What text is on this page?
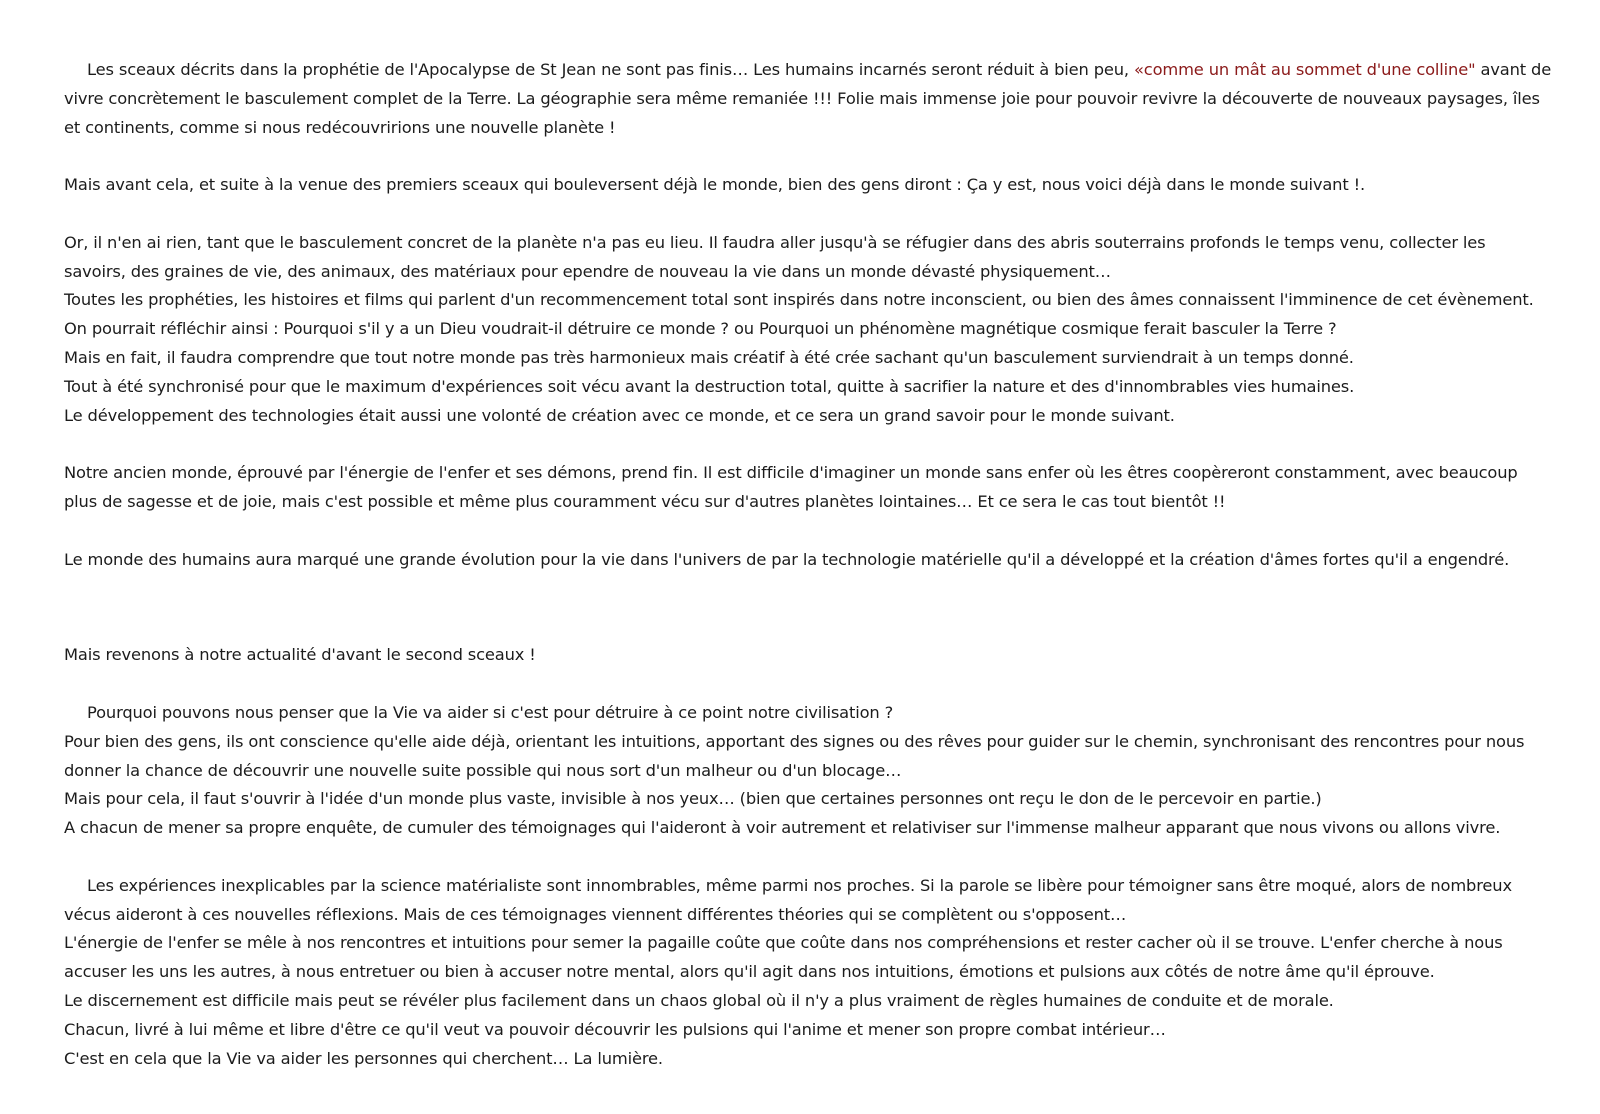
Les sceaux décrits dans la prophétie de l'Apocalypse de St Jean ne sont pas finis… Les humains incarnés seront réduit à bien peu, «comme un mât au sommet d'une colline" avant de vivre concrètement le basculement complet de la Terre. La géographie sera même remaniée !!! Folie mais immense joie pour pouvoir revivre la découverte de nouveaux paysages, îles et continents, comme si nous redécouvririons une nouvelle planète !

Mais avant cela, et suite à la venue des premiers sceaux qui bouleversent déjà le monde, bien des gens diront : Ça y est, nous voici déjà dans le monde suivant !.

Or, il n'en ai rien, tant que le basculement concret de la planète n'a pas eu lieu. Il faudra aller jusqu'à se réfugier dans des abris souterrains profonds le temps venu, collecter les savoirs, des graines de vie, des animaux, des matériaux pour ependre de nouveau la vie dans un monde dévasté physiquement…

Toutes les prophéties, les histoires et films qui parlent d'un recommencement total sont inspirés dans notre inconscient, ou bien des âmes connaissent l'imminence de cet évènement.

On pourrait réfléchir ainsi : Pourquoi s'il y a un Dieu voudrait-il détruire ce monde ? ou Pourquoi un phénomène magnétique cosmique ferait basculer la Terre ?

Mais en fait, il faudra comprendre que tout notre monde pas très harmonieux mais créatif à été crée sachant qu'un basculement surviendrait à un temps donné.

Tout à été synchronisé pour que le maximum d'expériences soit vécu avant la destruction total, quitte à sacrifier la nature et des d'innombrables vies humaines.

Le développement des technologies était aussi une volonté de création avec ce monde, et ce sera un grand savoir pour le monde suivant.

Notre ancien monde, éprouvé par l'énergie de l'enfer et ses démons, prend fin. Il est difficile d'imaginer un monde sans enfer où les êtres coopèreront constamment, avec beaucoup plus de sagesse et de joie, mais c'est possible et même plus couramment vécu sur d'autres planètes lointaines… Et ce sera le cas tout bientôt !!

Le monde des humains aura marqué une grande évolution pour la vie dans l'univers de par la technologie matérielle qu'il a développé et la création d'âmes fortes qu'il a engendré.

Mais revenons à notre actualité d'avant le second sceaux !

Pourquoi pouvons nous penser que la Vie va aider si c'est pour détruire à ce point notre civilisation ?

Pour bien des gens, ils ont conscience qu'elle aide déjà, orientant les intuitions, apportant des signes ou des rêves pour guider sur le chemin, synchronisant des rencontres pour nous donner la chance de découvrir une nouvelle suite possible qui nous sort d'un malheur ou d'un blocage…

Mais pour cela, il faut s'ouvrir à l'idée d'un monde plus vaste, invisible à nos yeux… (bien que certaines personnes ont reçu le don de le percevoir en partie.)

A chacun de mener sa propre enquête, de cumuler des témoignages qui l'aideront à voir autrement et relativiser sur l'immense malheur apparant que nous vivons ou allons vivre.

Les expériences inexplicables par la science matérialiste sont innombrables, même parmi nos proches. Si la parole se libère pour témoigner sans être moqué, alors de nombreux vécus aideront à ces nouvelles réflexions. Mais de ces témoignages viennent différentes théories qui se complètent ou s'opposent…

L'énergie de l'enfer se mêle à nos rencontres et intuitions pour semer la pagaille coûte que coûte dans nos compréhensions et rester cacher où il se trouve. L'enfer cherche à nous accuser les uns les autres, à nous entretuer ou bien à accuser notre mental, alors qu'il agit dans nos intuitions, émotions et pulsions aux côtés de notre âme qu'il éprouve.

Le discernement est difficile mais peut se révéler plus facilement dans un chaos global où il n'y a plus vraiment de règles humaines de conduite et de morale.

Chacun, livré à lui même et libre d'être ce qu'il veut va pouvoir découvrir les pulsions qui l'anime et mener son propre combat intérieur…

C'est en cela que la Vie va aider les personnes qui cherchent… La lumière.
